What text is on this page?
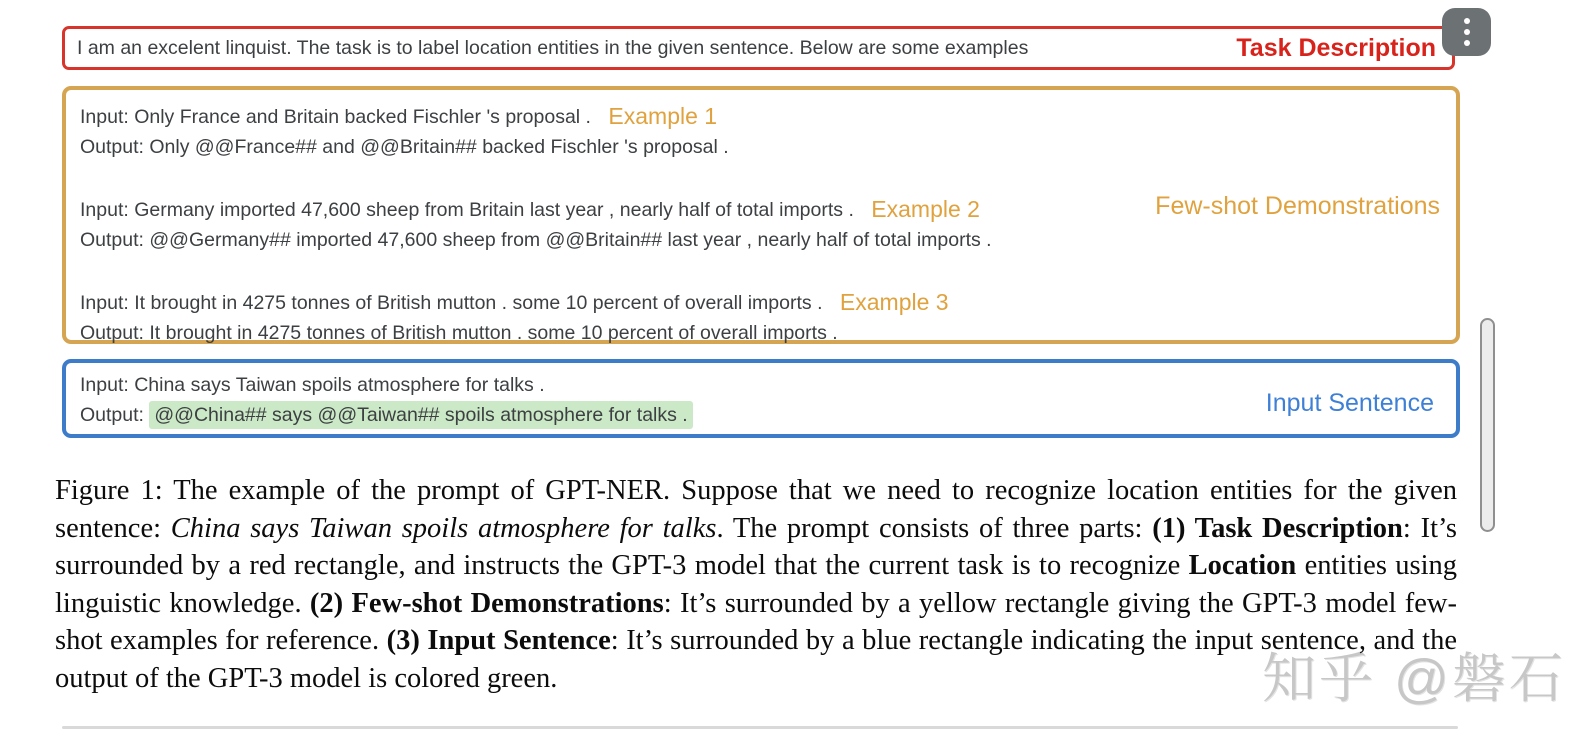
I am an excelent linquist. The task is to label location entities in the given sentence. Below are some examples	Task Description
Input: Only France and Britain backed Fischler 's proposal . Example 1
Output: Only @@France## and @@Britain## backed Fischler 's proposal .
Input: Germany imported 47,600 sheep from Britain last year , nearly half of total imports . Example 2
Output: @@Germany## imported 47,600 sheep from @@Britain## last year , nearly half of total imports .
Input: It brought in 4275 tonnes of British mutton . some 10 percent of overall imports . Example 3
Output: It brought in 4275 tonnes of British mutton . some 10 percent of overall imports .
Few-shot Demonstrations
Input: China says Taiwan spoils atmosphere for talks .
Output: @@China## says @@Taiwan## spoils atmosphere for talks .	Input Sentence
Figure 1: The example of the prompt of GPT-NER. Suppose that we need to recognize location entities for the given sentence: China says Taiwan spoils atmosphere for talks. The prompt consists of three parts: (1) Task Description: It’s surrounded by a red rectangle, and instructs the GPT-3 model that the current task is to recognize Location entities using linguistic knowledge. (2) Few-shot Demonstrations: It’s surrounded by a yellow rectangle giving the GPT-3 model few-shot examples for reference. (3) Input Sentence: It’s surrounded by a blue rectangle indicating the input sentence, and the output of the GPT-3 model is colored green.	知乎 @磐石
